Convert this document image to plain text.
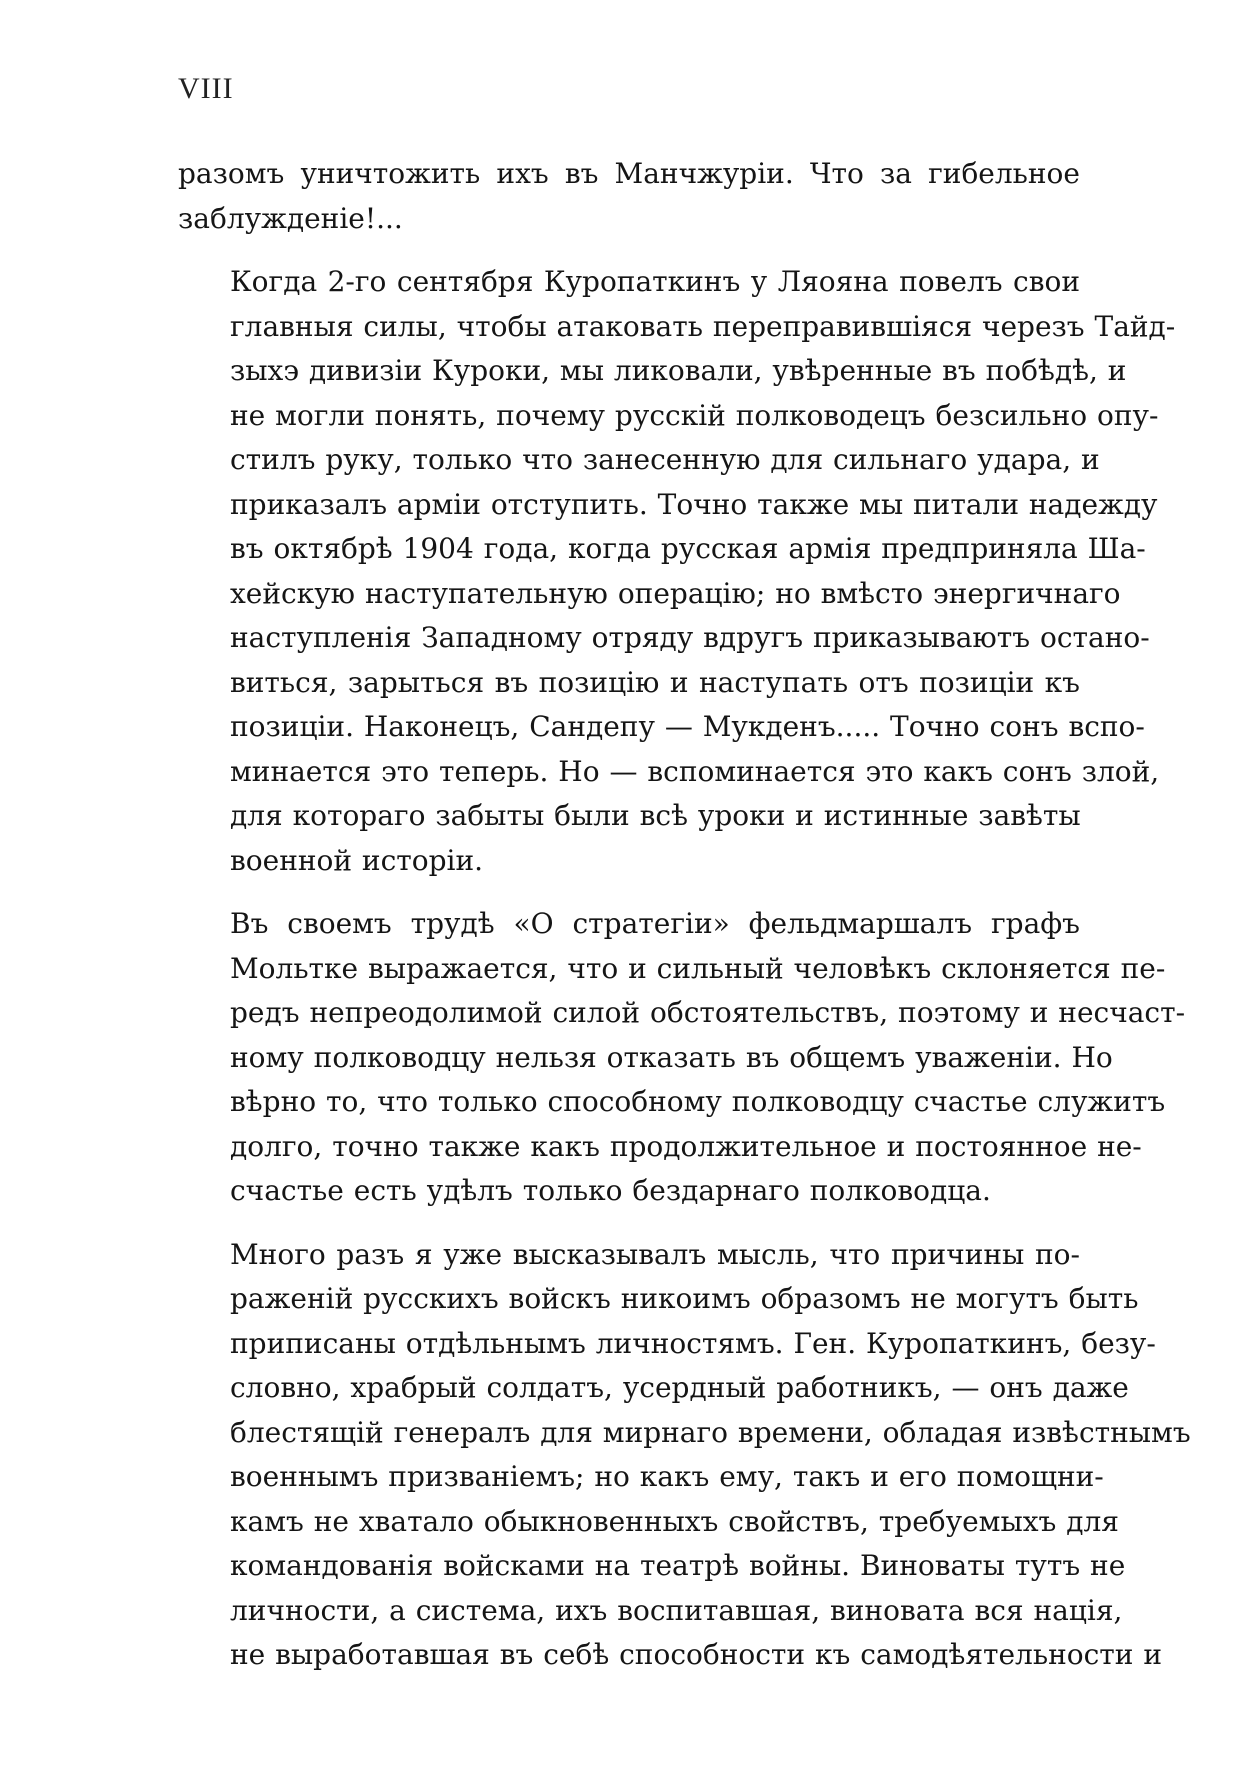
VIII
разомъ уничтожить ихъ въ Манчжуріи. Что за гибельное
заблужденіе!...
Когда 2-го сентября Куропаткинъ у Ляояна повелъ свои
главныя силы, чтобы атаковать переправившіяся черезъ Тайд-
зыхэ дивизіи Куроки, мы ликовали, увѣренные въ побѣдѣ, и
не могли понять, почему русскій полководецъ безсильно опу-
стилъ руку, только что занесенную для сильнаго удара, и
приказалъ арміи отступить. Точно также мы питали надежду
въ октябрѣ 1904 года, когда русская армія предприняла Ша-
хейскую наступательную операцію; но вмѣсто энергичнаго
наступленія Западному отряду вдругъ приказываютъ остано-
виться, зарыться въ позицію и наступать отъ позиціи къ
позиціи. Наконецъ, Сандепу — Мукденъ..... Точно сонъ вспо-
минается это теперь. Но — вспоминается это какъ сонъ злой,
для котораго забыты были всѣ уроки и истинные завѣты
военной исторіи.
Въ своемъ трудѣ «О стратегіи» фельдмаршалъ графъ
Мольтке выражается, что и сильный человѣкъ склоняется пе-
редъ непреодолимой силой обстоятельствъ, поэтому и несчаст-
ному полководцу нельзя отказать въ общемъ уваженіи. Но
вѣрно то, что только способному полководцу счастье служитъ
долго, точно также какъ продолжительное и постоянное не-
счастье есть удѣлъ только бездарнаго полководца.
Много разъ я уже высказывалъ мысль, что причины по-
раженій русскихъ войскъ никоимъ образомъ не могутъ быть
приписаны отдѣльнымъ личностямъ. Ген. Куропаткинъ, безу-
словно, храбрый солдатъ, усердный работникъ, — онъ даже
блестящій генералъ для мирнаго времени, обладая извѣстнымъ
военнымъ призваніемъ; но какъ ему, такъ и его помощни-
камъ не хватало обыкновенныхъ свойствъ, требуемыхъ для
командованія войсками на театрѣ войны. Виноваты тутъ не
личности, а система, ихъ воспитавшая, виновата вся нація,
не выработавшая въ себѣ способности къ самодѣятельности и
